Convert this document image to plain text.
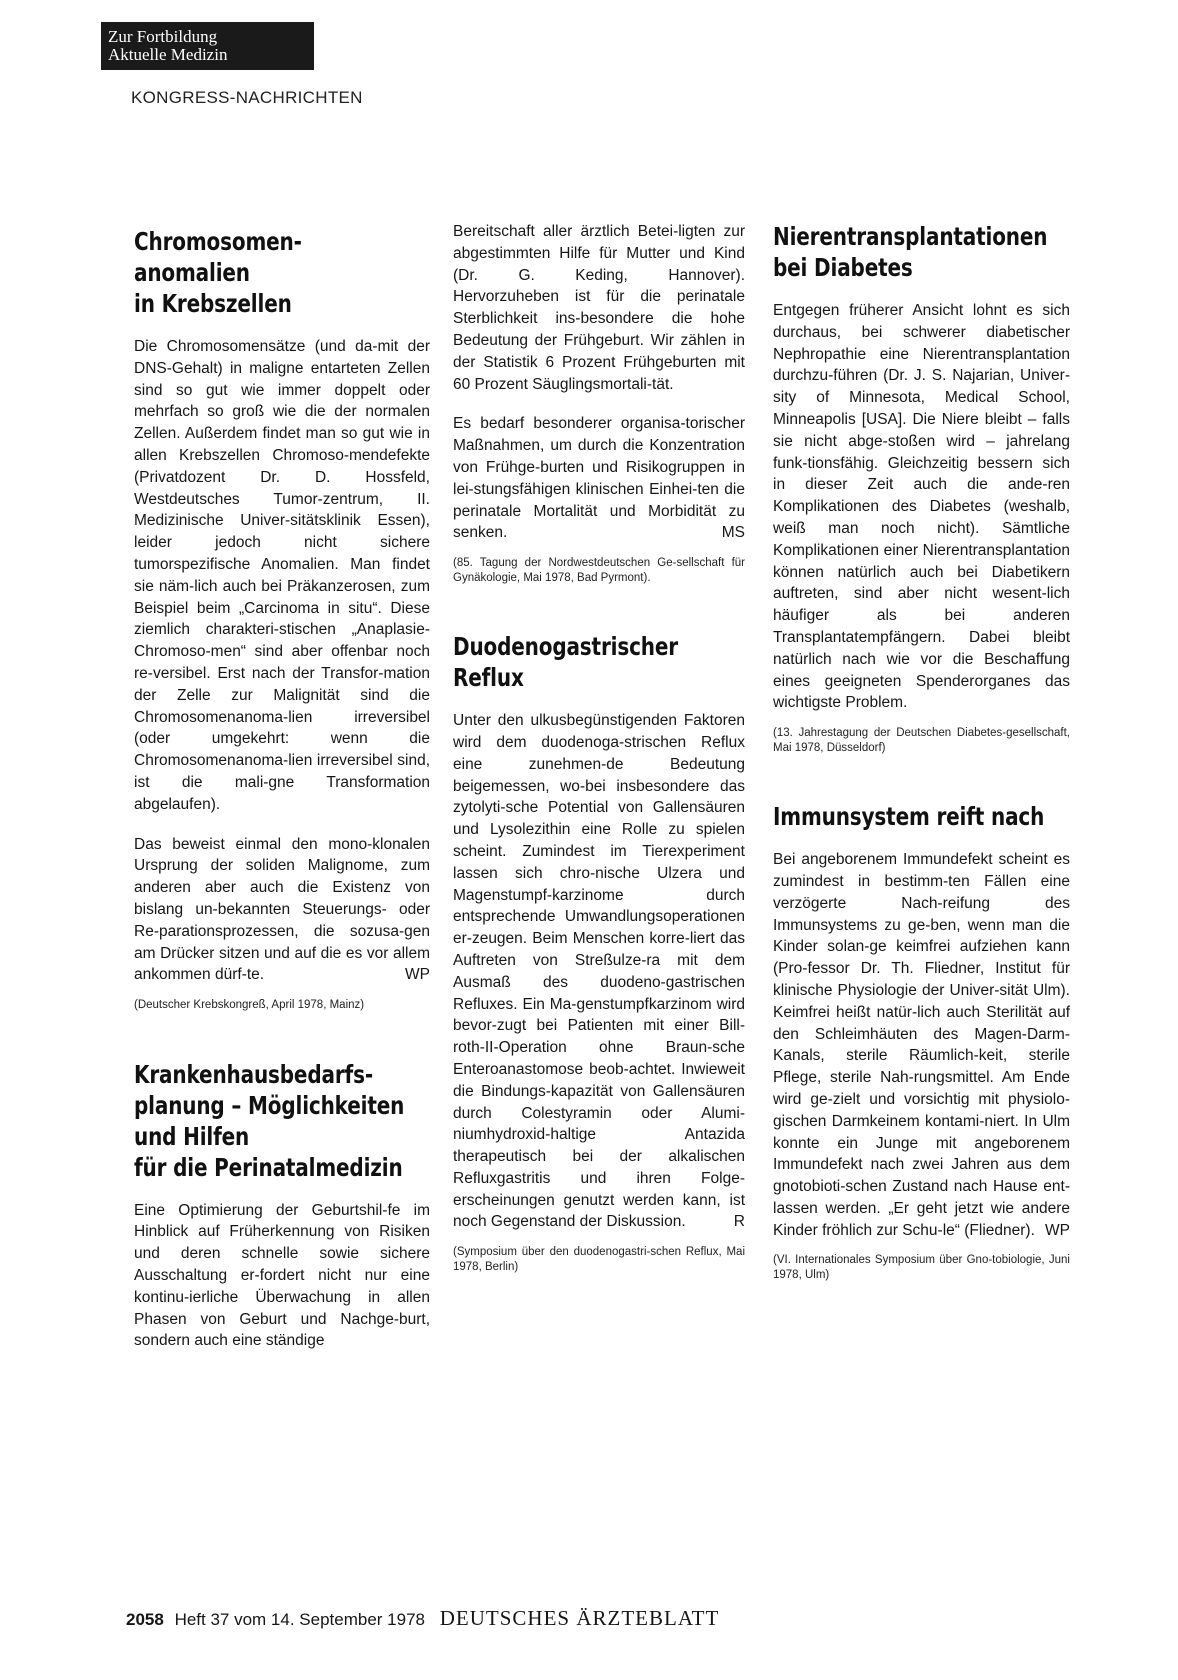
Zur Fortbildung
Aktuelle Medizin
KONGRESS-NACHRICHTEN
Chromosomen-
anomalien
in Krebszellen

Die Chromosomensätze (und da-mit der DNS-Gehalt) in maligne entarteten Zellen sind so gut wie immer doppelt oder mehrfach so groß wie die der normalen Zellen. Außerdem findet man so gut wie in allen Krebszellen Chromoso-mendefekte (Privatdozent Dr. D. Hossfeld, Westdeutsches Tumor-zentrum, II. Medizinische Univer-sitätsklinik Essen), leider jedoch nicht sichere tumorspezifische Anomalien. Man findet sie näm-lich auch bei Präkanzerosen, zum Beispiel beim „Carcinoma in situ“. Diese ziemlich charakteri-stischen „Anaplasie-Chromoso-men“ sind aber offenbar noch re-versibel. Erst nach der Transfor-mation der Zelle zur Malignität sind die Chromosomenanoma-lien irreversibel (oder umgekehrt: wenn die Chromosomenanoma-lien irreversibel sind, ist die mali-gne Transformation abgelaufen).

Das beweist einmal den mono-klonalen Ursprung der soliden Malignome, zum anderen aber auch die Existenz von bislang un-bekannten Steuerungs- oder Re-parationsprozessen, die sozusa-gen am Drücker sitzen und auf die es vor allem ankommen dürf-te.	WP

(Deutscher Krebskongreß, April 1978, Mainz)

Krankenhausbedarfs-
planung – Möglichkeiten
und Hilfen
für die Perinatalmedizin

Eine Optimierung der Geburtshil-fe im Hinblick auf Früherkennung von Risiken und deren schnelle sowie sichere Ausschaltung er-fordert nicht nur eine kontinu-ierliche Überwachung in allen Phasen von Geburt und Nachge-burt, sondern auch eine ständige

Bereitschaft aller ärztlich Betei-ligten zur abgestimmten Hilfe für Mutter und Kind (Dr. G. Keding, Hannover). Hervorzuheben ist für die perinatale Sterblichkeit ins-besondere die hohe Bedeutung der Frühgeburt. Wir zählen in der Statistik 6 Prozent Frühgeburten mit 60 Prozent Säuglingsmortali-tät.

Es bedarf besonderer organisa-torischer Maßnahmen, um durch die Konzentration von Frühge-burten und Risikogruppen in lei-stungsfähigen klinischen Einhei-ten die perinatale Mortalität und Morbidität zu senken.	MS

(85. Tagung der Nordwestdeutschen Ge-sellschaft für Gynäkologie, Mai 1978, Bad Pyrmont).

Duodenogastrischer
Reflux

Unter den ulkusbegünstigenden Faktoren wird dem duodenoga-strischen Reflux eine zunehmen-de Bedeutung beigemessen, wo-bei insbesondere das zytolyti-sche Potential von Gallensäuren und Lysolezithin eine Rolle zu spielen scheint. Zumindest im Tierexperiment lassen sich chro-nische Ulzera und Magenstumpf-karzinome durch entsprechende Umwandlungsoperationen er-zeugen. Beim Menschen korre-liert das Auftreten von Streßulze-ra mit dem Ausmaß des duodeno-gastrischen Refluxes. Ein Ma-genstumpfkarzinom wird bevor-zugt bei Patienten mit einer Bill-roth-II-Operation ohne Braun-sche Enteroanastomose beob-achtet. Inwieweit die Bindungs-kapazität von Gallensäuren durch Colestyramin oder Alumi-niumhydroxid-haltige Antazida therapeutisch bei der alkalischen Refluxgastritis und ihren Folge-erscheinungen genutzt werden kann, ist noch Gegenstand der Diskussion.	R

(Symposium über den duodenogastri-schen Reflux, Mai 1978, Berlin)

Nierentransplantationen
bei Diabetes

Entgegen früherer Ansicht lohnt es sich durchaus, bei schwerer diabetischer Nephropathie eine Nierentransplantation durchzu-führen (Dr. J. S. Najarian, Univer-sity of Minnesota, Medical School, Minneapolis [USA]. Die Niere bleibt – falls sie nicht abge-stoßen wird – jahrelang funk-tionsfähig. Gleichzeitig bessern sich in dieser Zeit auch die ande-ren Komplikationen des Diabetes (weshalb, weiß man noch nicht). Sämtliche Komplikationen einer Nierentransplantation können natürlich auch bei Diabetikern auftreten, sind aber nicht wesent-lich häufiger als bei anderen Transplantatempfängern. Dabei bleibt natürlich nach wie vor die Beschaffung eines geeigneten Spenderorganes das wichtigste Problem.

(13. Jahrestagung der Deutschen Diabetes-gesellschaft, Mai 1978, Düsseldorf)

Immunsystem reift nach

Bei angeborenem Immundefekt scheint es zumindest in bestimm-ten Fällen eine verzögerte Nach-reifung des Immunsystems zu ge-ben, wenn man die Kinder solan-ge keimfrei aufziehen kann (Pro-fessor Dr. Th. Fliedner, Institut für klinische Physiologie der Univer-sität Ulm). Keimfrei heißt natür-lich auch Sterilität auf den Schleimhäuten des Magen-Darm-Kanals, sterile Räumlich-keit, sterile Pflege, sterile Nah-rungsmittel. Am Ende wird ge-zielt und vorsichtig mit physiolo-gischen Darmkeinem kontami-niert. In Ulm konnte ein Junge mit angeborenem Immundefekt nach zwei Jahren aus dem gnotobioti-schen Zustand nach Hause ent-lassen werden. „Er geht jetzt wie andere Kinder fröhlich zur Schu-le“ (Fliedner). WP

(VI. Internationales Symposium über Gno-tobiologie, Juni 1978, Ulm)

2058 Heft 37 vom 14. September 1978 DEUTSCHES ÄRZTEBLATT
